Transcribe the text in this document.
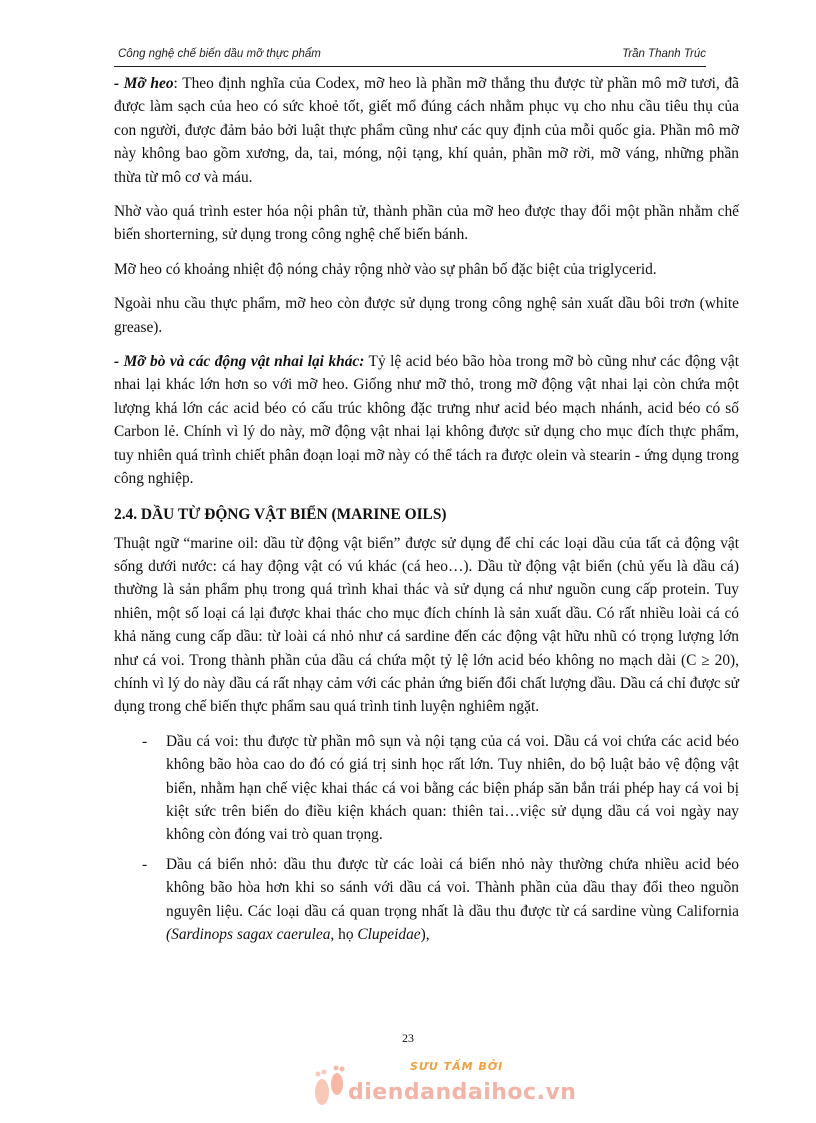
Công nghệ chế biến dầu mỡ thực phẩm	Trần Thanh Trúc

- Mỡ heo: Theo định nghĩa của Codex, mỡ heo là phần mỡ thắng thu được từ phần mô mỡ tươi, đã được làm sạch của heo có sức khoẻ tốt, giết mổ đúng cách nhằm phục vụ cho nhu cầu tiêu thụ của con người, được đảm bảo bởi luật thực phẩm cũng như các quy định của mỗi quốc gia. Phần mô mỡ này không bao gồm xương, da, tai, móng, nội tạng, khí quản, phần mỡ rời, mỡ váng, những phần thừa từ mô cơ và máu.

Nhờ vào quá trình ester hóa nội phân tử, thành phần của mỡ heo được thay đổi một phần nhằm chế biến shorterning, sử dụng trong công nghệ chế biến bánh.

Mỡ heo có khoảng nhiệt độ nóng chảy rộng nhờ vào sự phân bố đặc biệt của triglycerid.

Ngoài nhu cầu thực phẩm, mỡ heo còn được sử dụng trong công nghệ sản xuất dầu bôi trơn (white grease).

- Mỡ bò và các động vật nhai lại khác: Tỷ lệ acid béo bão hòa trong mỡ bò cũng như các động vật nhai lại khác lớn hơn so với mỡ heo. Giống như mỡ thỏ, trong mỡ động vật nhai lại còn chứa một lượng khá lớn các acid béo có cấu trúc không đặc trưng như acid béo mạch nhánh, acid béo có số Carbon lẻ. Chính vì lý do này, mỡ động vật nhai lại không được sử dụng cho mục đích thực phẩm, tuy nhiên quá trình chiết phân đoạn loại mỡ này có thể tách ra được olein và stearin - ứng dụng trong công nghiệp.

2.4. DẦU TỪ ĐỘNG VẬT BIỂN (MARINE OILS)

Thuật ngữ “marine oil: dầu từ động vật biển” được sử dụng để chỉ các loại dầu của tất cả động vật sống dưới nước: cá hay động vật có vú khác (cá heo…). Dầu từ động vật biển (chủ yếu là dầu cá) thường là sản phẩm phụ trong quá trình khai thác và sử dụng cá như nguồn cung cấp protein. Tuy nhiên, một số loại cá lại được khai thác cho mục đích chính là sản xuất dầu. Có rất nhiều loài cá có khả năng cung cấp dầu: từ loài cá nhỏ như cá sardine đến các động vật hữu nhũ có trọng lượng lớn như cá voi. Trong thành phần của dầu cá chứa một tỷ lệ lớn acid béo không no mạch dài (C ≥ 20), chính vì lý do này dầu cá rất nhạy cảm với các phản ứng biến đổi chất lượng dầu. Dầu cá chỉ được sử dụng trong chế biến thực phẩm sau quá trình tinh luyện nghiêm ngặt.

- Dầu cá voi: thu được từ phần mô sụn và nội tạng của cá voi. Dầu cá voi chứa các acid béo không bão hòa cao do đó có giá trị sinh học rất lớn. Tuy nhiên, do bộ luật bảo vệ động vật biển, nhằm hạn chế việc khai thác cá voi bằng các biện pháp săn bắn trái phép hay cá voi bị kiệt sức trên biển do điều kiện khách quan: thiên tai…việc sử dụng dầu cá voi ngày nay không còn đóng vai trò quan trọng.
- Dầu cá biển nhỏ: dầu thu được từ các loài cá biển nhỏ này thường chứa nhiều acid béo không bão hòa hơn khi so sánh với dầu cá voi. Thành phần của dầu thay đổi theo nguồn nguyên liệu. Các loại dầu cá quan trọng nhất là dầu thu được từ cá sardine vùng California (Sardinops sagax caerulea, họ Clupeidae),
23
SƯU TẦM BỞI
diendandaihoc.vn
